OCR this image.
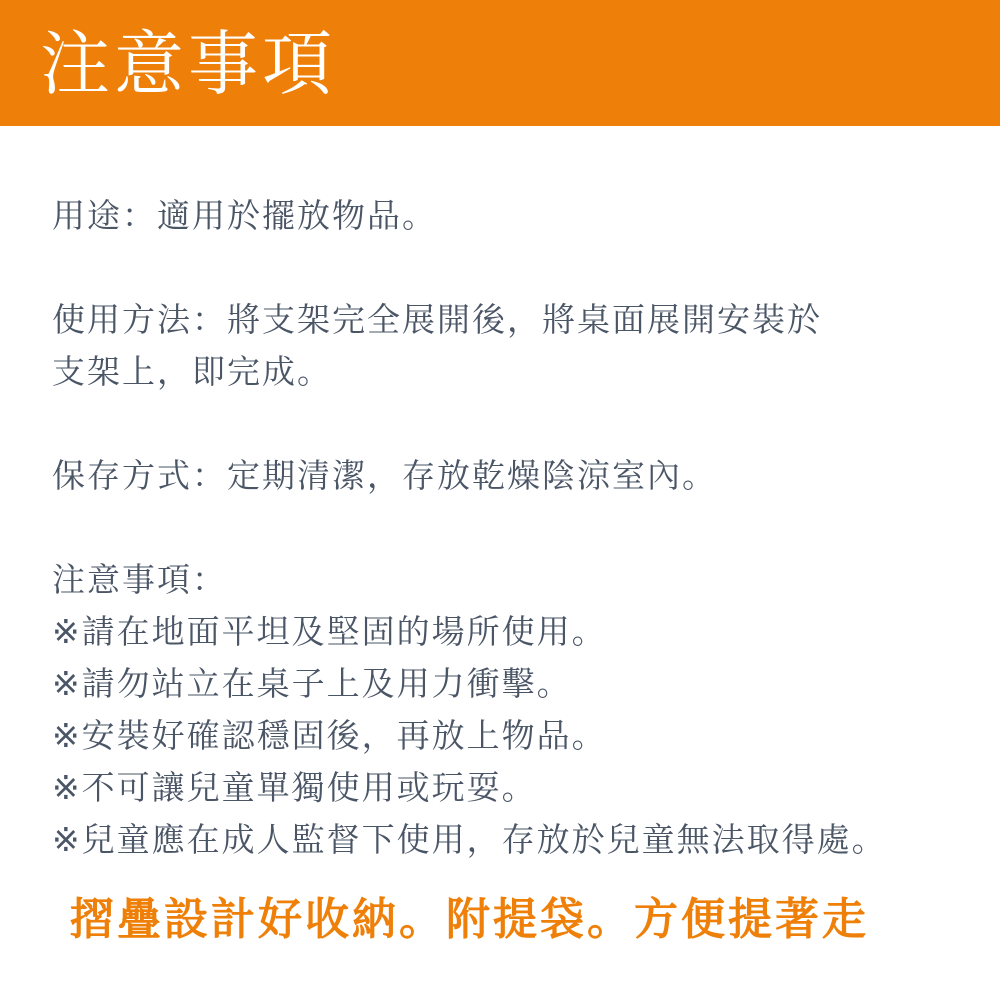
注意事項

用途：適用於擺放物品。

使用方法：將支架完全展開後，將桌面展開安裝於
支架上，即完成。

保存方式：定期清潔，存放乾燥陰涼室內。

注意事項：
※請在地面平坦及堅固的場所使用。
※請勿站立在桌子上及用力衝擊。
※安裝好確認穩固後，再放上物品。
※不可讓兒童單獨使用或玩耍。
※兒童應在成人監督下使用，存放於兒童無法取得處。
摺疊設計好收納。附提袋。方便提著走
